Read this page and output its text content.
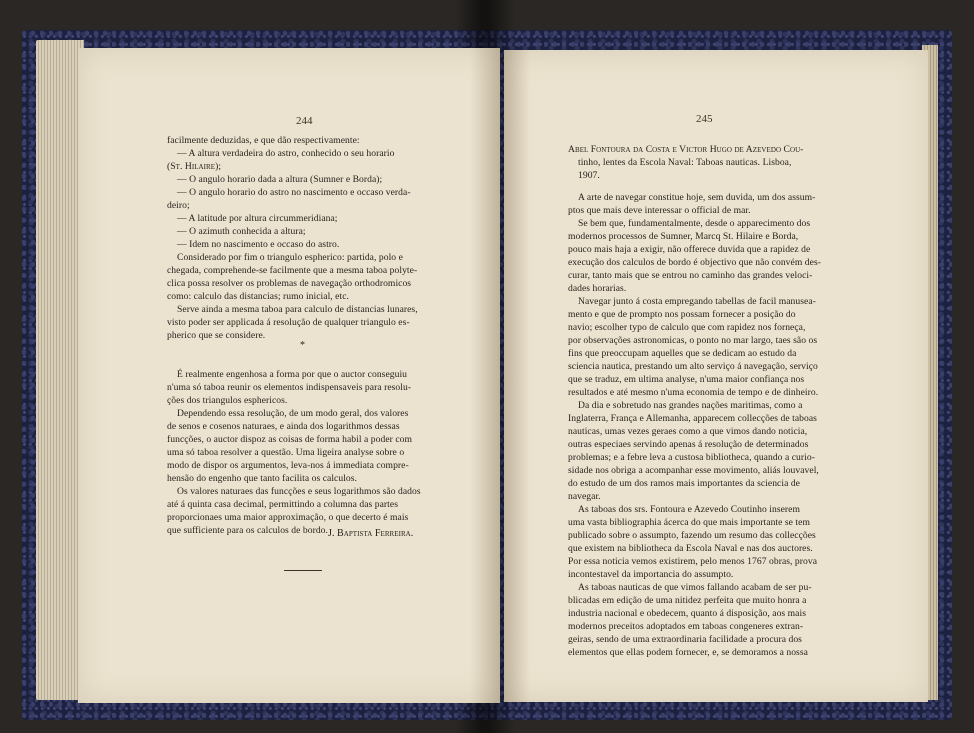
244
facilmente deduzidas, e que dão respectivamente:
— A altura verdadeira do astro, conhecido o seu horario
(St. Hilaire);
— O angulo horario dada a altura (Sumner e Borda);
— O angulo horario do astro no nascimento e occaso verda-
deiro;
— A latitude por altura circummeridiana;
— O azimuth conhecida a altura;
— Idem no nascimento e occaso do astro.
Considerado por fim o triangulo espherico: partida, polo e
chegada, comprehende-se facilmente que a mesma taboa polyte-
clica possa resolver os problemas de navegação orthodromicos
como: calculo das distancias; rumo inicial, etc.
Serve ainda a mesma taboa para calculo de distancias lunares,
visto poder ser applicada á resolução de qualquer triangulo es-
pherico que se considere.
*
É realmente engenhosa a forma por que o auctor conseguiu
n'uma só taboa reunir os elementos indispensaveis para resolu-
ções dos triangulos esphericos.
Dependendo essa resolução, de um modo geral, dos valores
de senos e cosenos naturaes, e ainda dos logarithmos dessas
funcções, o auctor dispoz as coisas de forma habil a poder com
uma só taboa resolver a questão. Uma ligeira analyse sobre o
modo de dispor os argumentos, leva-nos á immediata compre-
hensão do engenho que tanto facilita os calculos.
Os valores naturaes das funcções e seus logarithmos são dados
até á quinta casa decimal, permittindo a columna das partes
proporcionaes uma maior approximação, o que decerto é mais
que sufficiente para os calculos de bordo. J. Baptista Ferreira.
245
Abel Fontoura da Costa e Victor Hugo de Azevedo Cou-
tinho, lentes da Escola Naval: Taboas nauticas. Lisboa,
1907.
A arte de navegar constitue hoje, sem duvida, um dos assum-
ptos que mais deve interessar o official de mar.
Se bem que, fundamentalmente, desde o apparecimento dos
modernos processos de Sumner, Marcq St. Hilaire e Borda,
pouco mais haja a exigir, não offerece duvida que a rapidez de
execução dos calculos de bordo é objectivo que não convém des-
curar, tanto mais que se entrou no caminho das grandes veloci-
dades horarias.
Navegar junto á costa empregando tabellas de facil manusea-
mento e que de prompto nos possam fornecer a posição do
navio; escolher typo de calculo que com rapidez nos forneça,
por observações astronomicas, o ponto no mar largo, taes são os
fins que preoccupam aquelles que se dedicam ao estudo da
sciencia nautica, prestando um alto serviço á navegação, serviço
que se traduz, em ultima analyse, n'uma maior confiança nos
resultados e até mesmo n'uma economia de tempo e de dinheiro.
Da dia e sobretudo nas grandes nações maritimas, como a
Inglaterra, França e Allemanha, apparecem collecções de taboas
nauticas, umas vezes geraes como a que vimos dando noticia,
outras especiaes servindo apenas á resolução de determinados
problemas; e a febre leva a custosa bibliotheca, quando a curio-
sidade nos obriga a acompanhar esse movimento, aliás louvavel,
do estudo de um dos ramos mais importantes da sciencia de
navegar.
As taboas dos srs. Fontoura e Azevedo Coutinho inserem
uma vasta bibliographia ácerca do que mais importante se tem
publicado sobre o assumpto, fazendo um resumo das collecções
que existem na bibliotheca da Escola Naval e nas dos auctores.
Por essa noticia vemos existirem, pelo menos 1767 obras, prova
incontestavel da importancia do assumpto.
As taboas nauticas de que vimos fallando acabam de ser pu-
blicadas em edição de uma nitidez perfeita que muito honra a
industria nacional e obedecem, quanto á disposição, aos mais
modernos preceitos adoptados em taboas congeneres extran-
geiras, sendo de uma extraordinaria facilidade a procura dos
elementos que ellas podem fornecer, e, se demoramos a nossa
